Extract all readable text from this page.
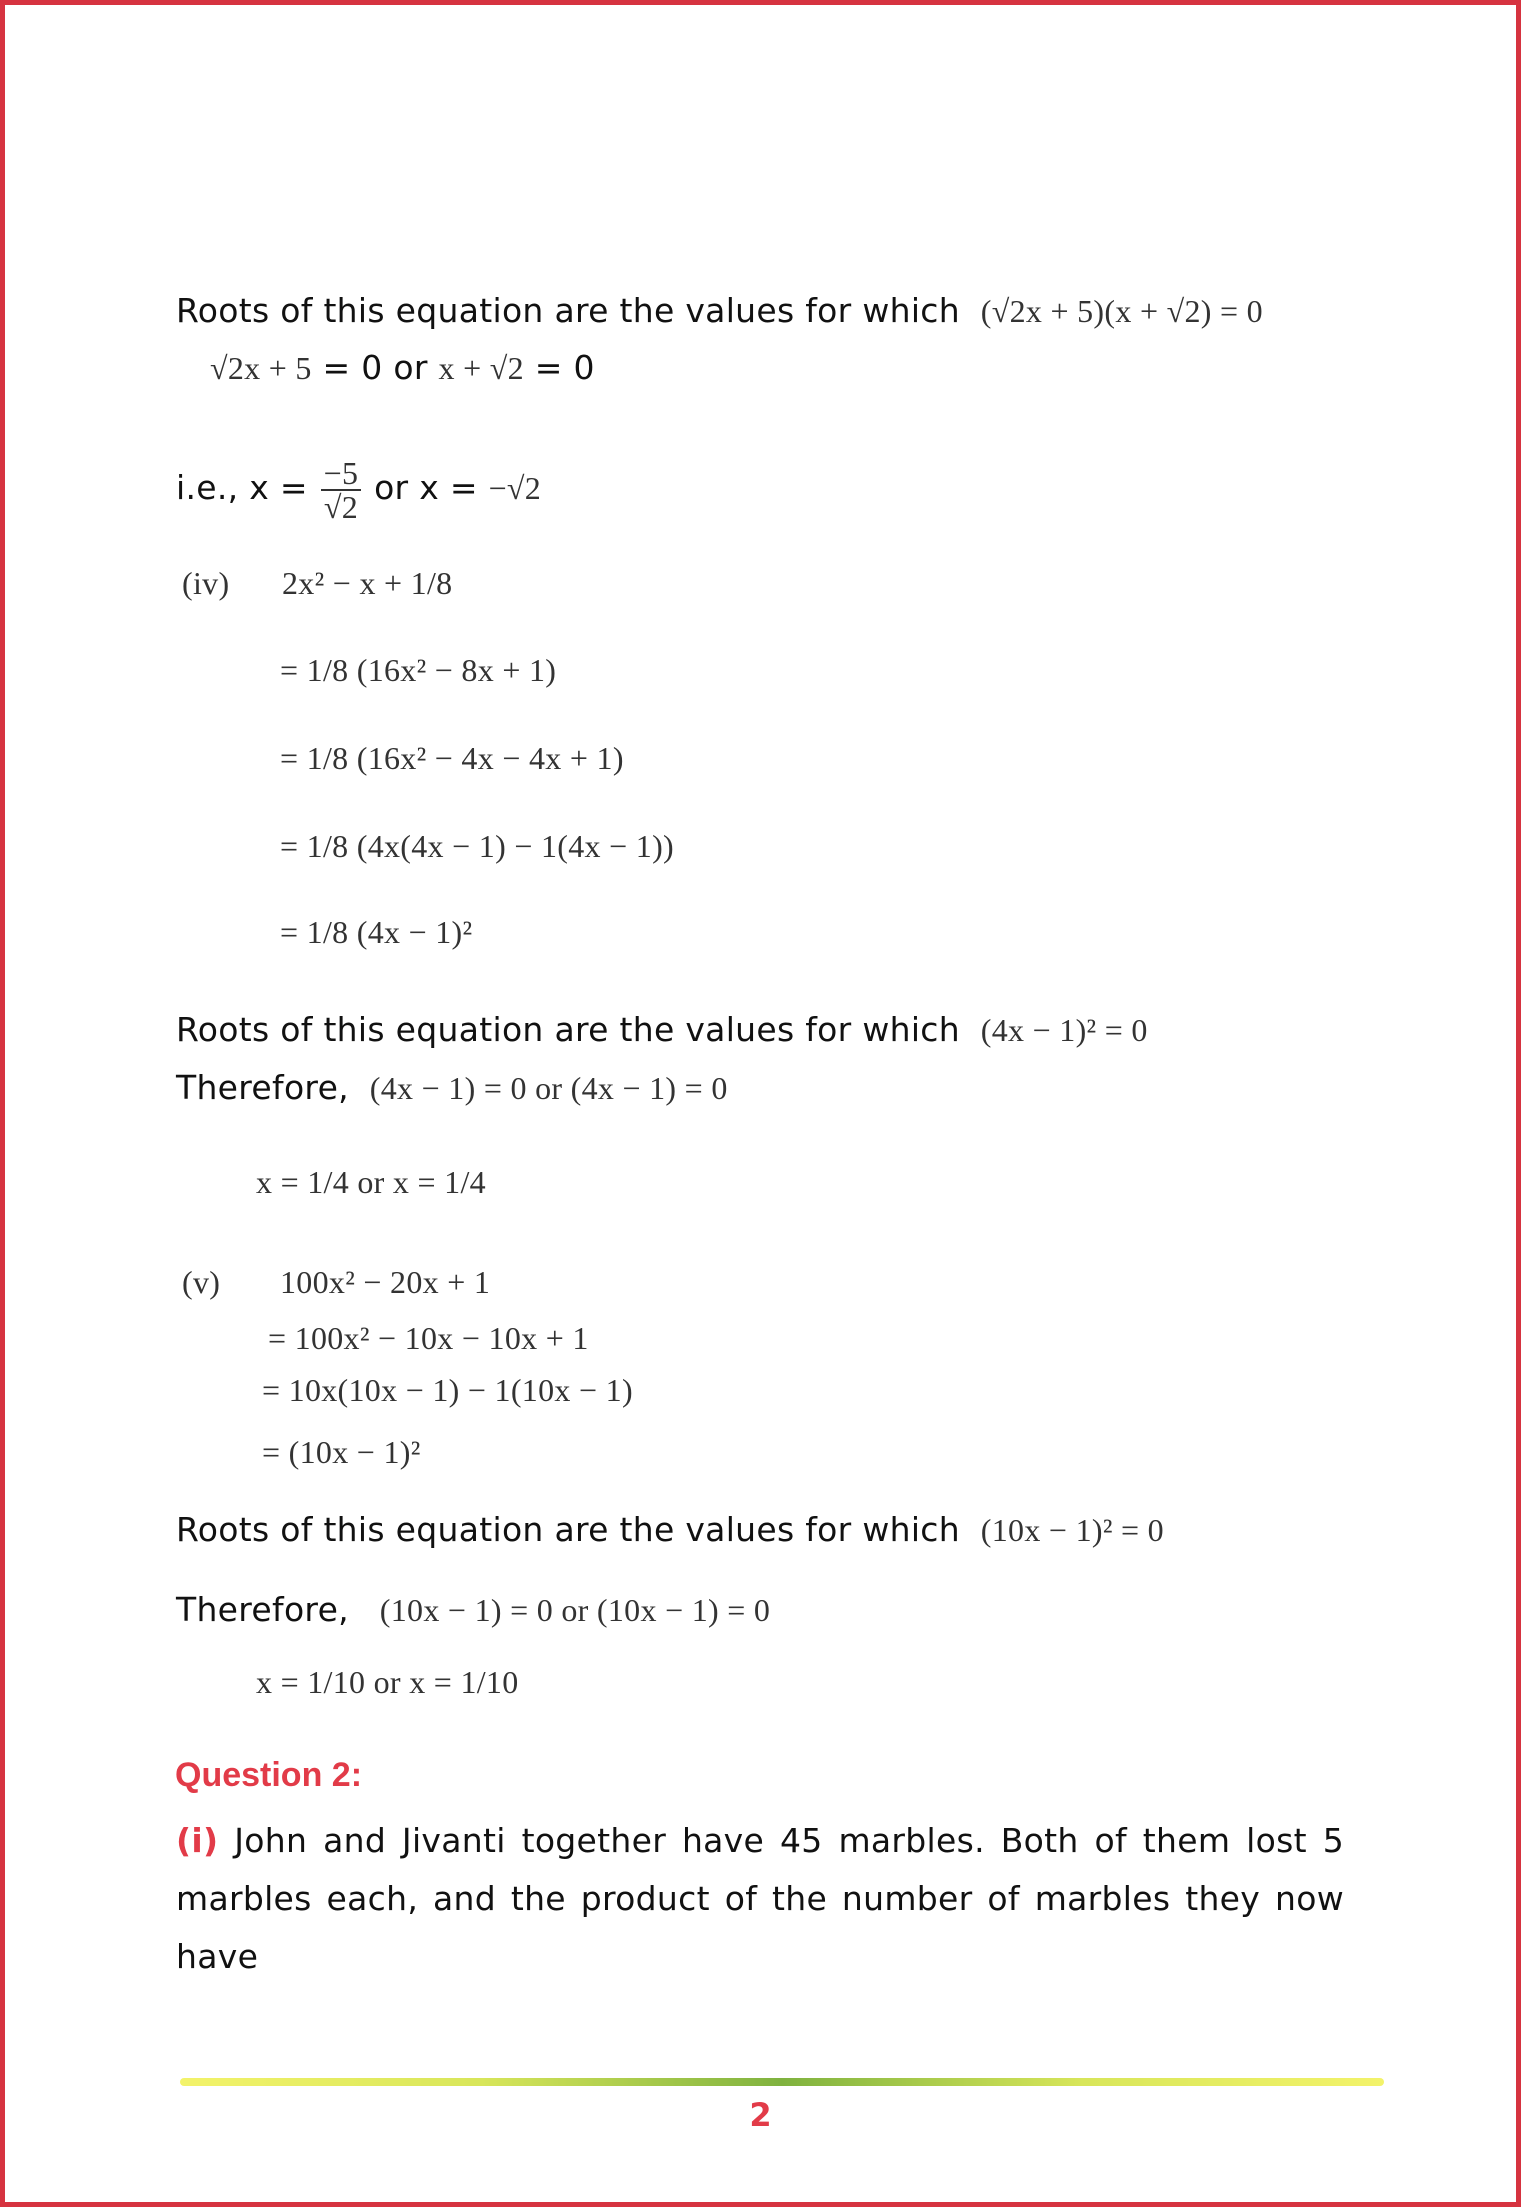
Roots of this equation are the values for which (√2x + 5)(x + √2) = 0
√2x + 5 = 0 or x + √2 = 0
i.e., $x = \frac{-5}{√2}$ or x = −√2
(iv) 2x² − x + 1/8
= 1/8 (16x² − 8x + 1)
= 1/8 (16x² − 4x − 4x + 1)
= 1/8 (4x(4x − 1) − 1(4x − 1))
= 1/8 (4x − 1)²
Roots of this equation are the values for which (4x − 1)² = 0
Therefore, (4x − 1) = 0 or (4x − 1) = 0
x = 1/4 or x = 1/4
(v) 100x² − 20x + 1
= 100x² − 10x − 10x + 1
= 10x(10x − 1) − 1(10x − 1)
= (10x − 1)²
Roots of this equation are the values for which (10x − 1)² = 0
Therefore, (10x − 1) = 0 or (10x − 1) = 0
x = 1/10 or x = 1/10
Question 2:
(i) John and Jivanti together have 45 marbles. Both of them lost 5 marbles each, and the product of the number of marbles they now have
2
